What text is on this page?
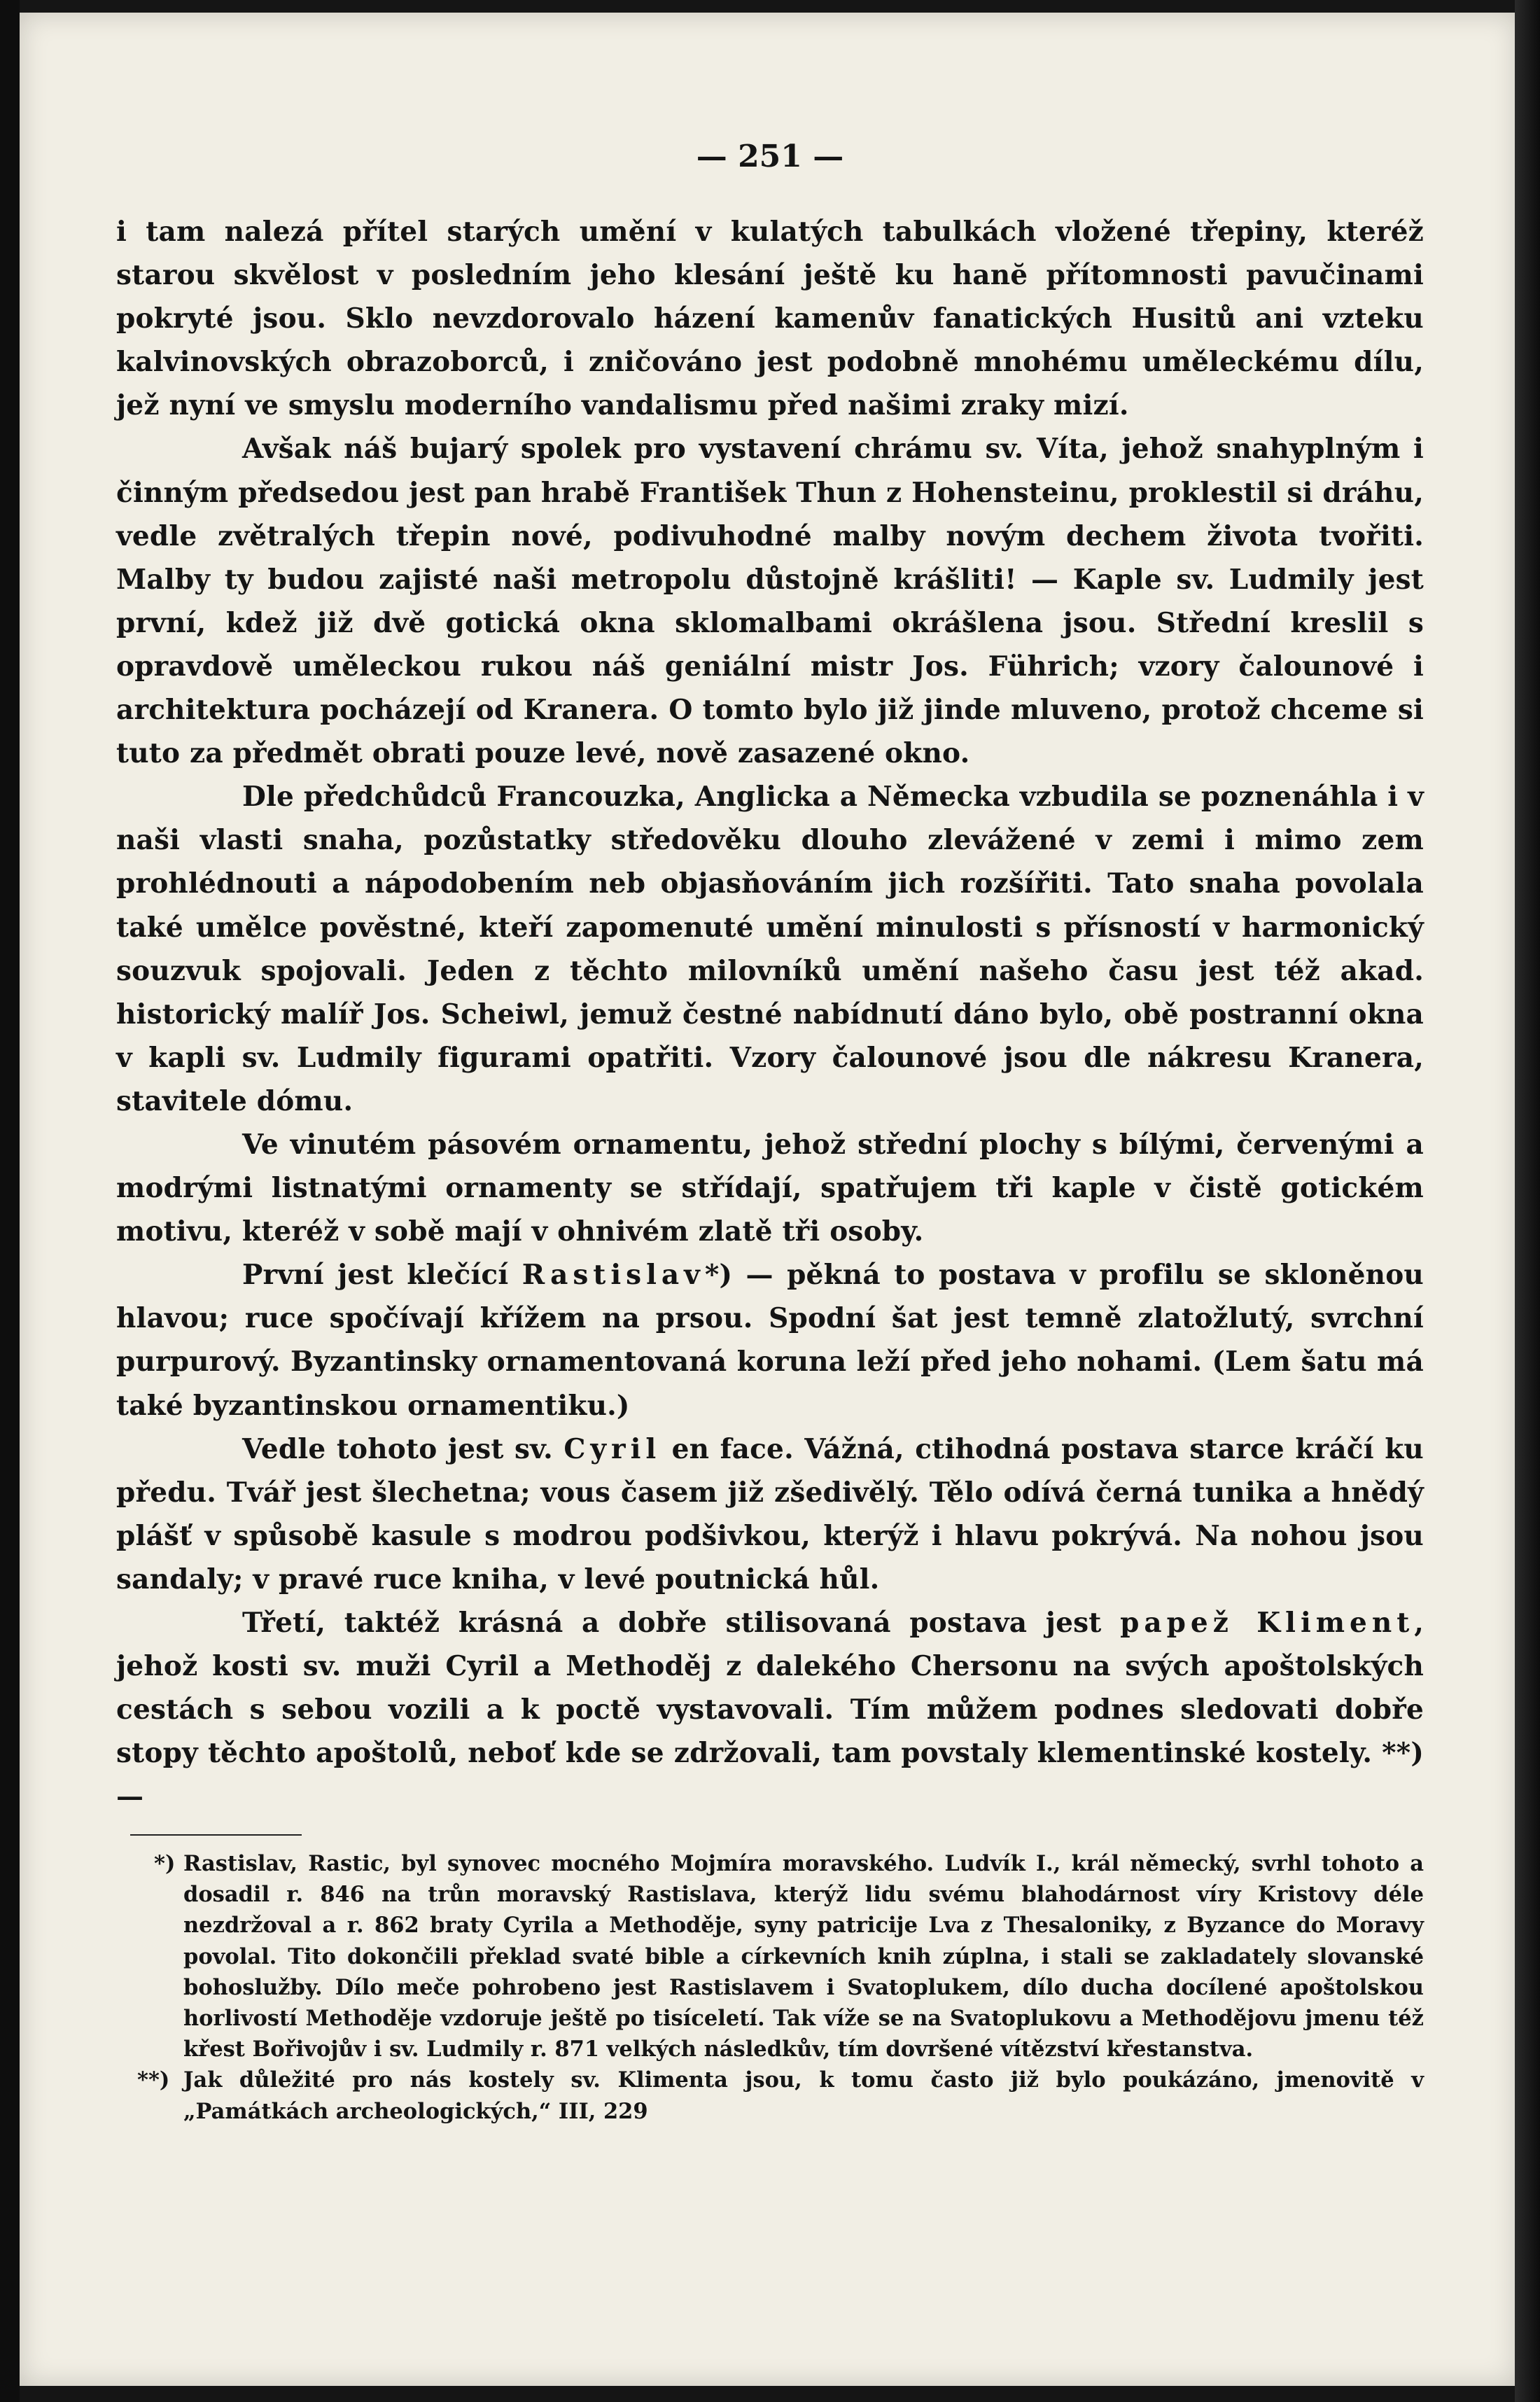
— 251 —

i tam nalezá přítel starých umění v kulatých tabulkách vložené třepiny, kteréž starou skvělost v posledním jeho klesání ještě ku hanĕ přítomnosti pavučinami pokryté jsou. Sklo nevzdorovalo házení kamenův fanatických Husitů ani vzteku kalvinovských obrazoborců, i zničováno jest podobně mnohému uměleckému dílu, jež nyní ve smyslu moderního vandalismu před našimi zraky mizí.

Avšak náš bujarý spolek pro vystavení chrámu sv. Víta, jehož snahyplným i činným předsedou jest pan hrabě František Thun z Hohensteinu, proklestil si dráhu, vedle zvětralých třepin nové, podivuhodné malby novým dechem života tvořiti. Malby ty budou zajisté naši metropolu důstojně krášliti! — Kaple sv. Ludmily jest první, kdež již dvě gotická okna sklomalbami okrášlena jsou. Střední kreslil s opravdově uměleckou rukou náš geniální mistr Jos. Führich; vzory čalounové i architektura pocházejí od Kranera. O tomto bylo již jinde mluveno, protož chceme si tuto za předmět obrati pouze levé, nově zasazené okno.

Dle předchůdců Francouzka, Anglicka a Německa vzbudila se poznenáhla i v naši vlasti snaha, pozůstatky středověku dlouho zlevážené v zemi i mimo zem prohlédnouti a nápodobením neb objasňováním jich rozšířiti. Tato snaha povolala také umělce pověstné, kteří zapomenuté umění minulosti s přísností v harmonický souzvuk spojovali. Jeden z těchto milovníků umění našeho času jest též akad. historický malíř Jos. Scheiwl, jemuž čestné nabídnutí dáno bylo, obě postranní okna v kapli sv. Ludmily figurami opatřiti. Vzory čalounové jsou dle nákresu Kranera, stavitele dómu.

Ve vinutém pásovém ornamentu, jehož střední plochy s bílými, červenými a modrými listnatými ornamenty se střídají, spatřujem tři kaple v čistě gotickém motivu, kteréž v sobě mají v ohnivém zlatě tři osoby.

První jest klečící Rastislav*) — pěkná to postava v profilu se skloněnou hlavou; ruce spočívají křížem na prsou. Spodní šat jest temně zlatožlutý, svrchní purpurový. Byzantinsky ornamentovaná koruna leží před jeho nohami. (Lem šatu má také byzantinskou ornamentiku.)

Vedle tohoto jest sv. Cyril en face. Vážná, ctihodná postava starce kráčí ku předu. Tvář jest šlechetna; vous časem již zšedivělý. Tělo odívá černá tunika a hnědý plášť v spůsobě kasule s modrou podšivkou, kterýž i hlavu pokrývá. Na nohou jsou sandaly; v pravé ruce kniha, v levé poutnická hůl.

Třetí, taktéž krásná a dobře stilisovaná postava jest papež Kliment, jehož kosti sv. muži Cyril a Methoděj z dalekého Chersonu na svých apoštolských cestách s sebou vozili a k poctě vystavovali. Tím můžem podnes sledovati dobře stopy těchto apoštolů, neboť kde se zdržovali, tam povstaly klementinské kostely. **) —

*) Rastislav, Rastic, byl synovec mocného Mojmíra moravského. Ludvík I., král německý, svrhl tohoto a dosadil r. 846 na trůn moravský Rastislava, kterýž lidu svému blahodárnost víry Kristovy déle nezdržoval a r. 862 braty Cyrila a Methoděje, syny patricije Lva z Thesaloniky, z Byzance do Moravy povolal. Tito dokončili překlad svaté bible a církevních knih zúplna, i stali se zakladately slovanské bohoslužby. Dílo meče pohrobeno jest Rastislavem i Svatoplukem, dílo ducha docílené apoštolskou horlivostí Methoděje vzdoruje ještě po tisíceletí. Tak víže se na Svatoplukovu a Methodějovu jmenu též křest Bořivojův i sv. Ludmily r. 871 velkých následkův, tím dovršené vítězství křestanstva.

**) Jak důležité pro nás kostely sv. Klimenta jsou, k tomu často již bylo poukázáno, jmenovitě v „Památkách archeologických,“ III, 229
